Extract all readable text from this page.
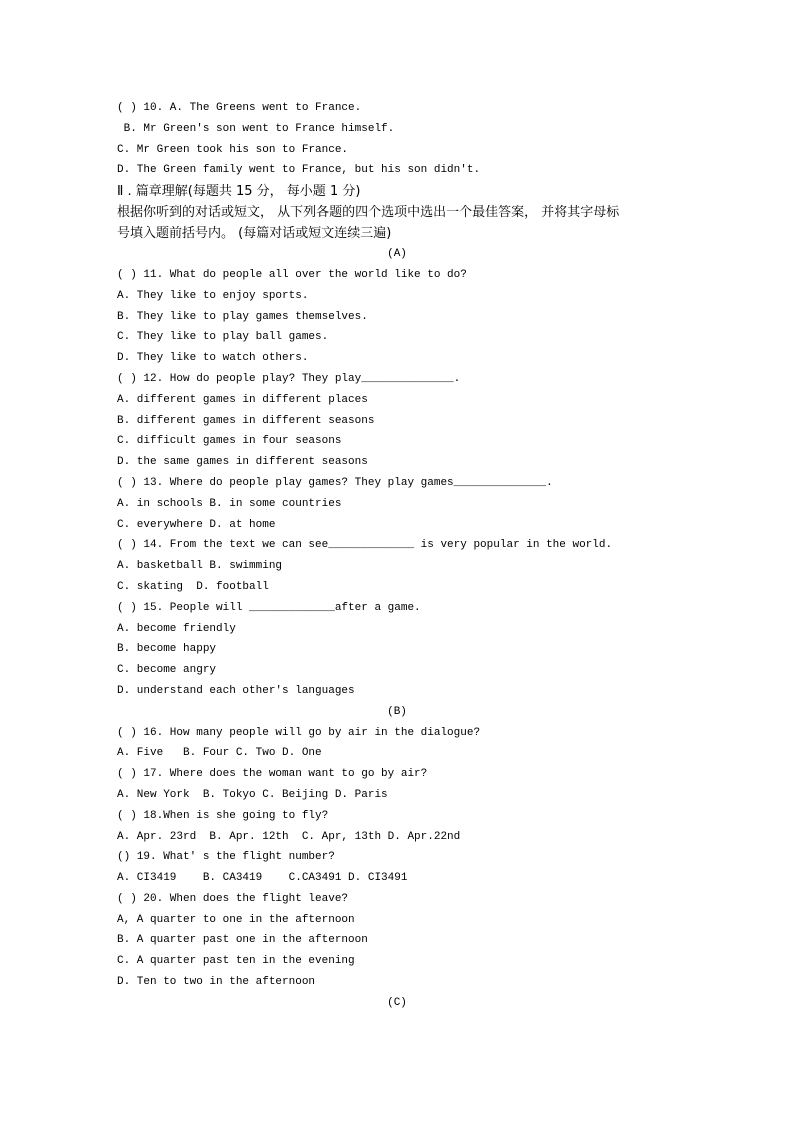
( ) 10. A. The Greens went to France.
B. Mr Green's son went to France himself.
C. Mr Green took his son to France.
D. The Green family went to France, but his son didn't.
Ⅱ . 篇章理解(每题共 15 分， 每小题 1 分)
根据你听到的对话或短文， 从下列各题的四个选项中选出一个最佳答案， 并将其字母标
号填入题前括号内。 (每篇对话或短文连续三遍)
(A)
( ) 11. What do people all over the world like to do?
A. They like to enjoy sports.
B. They like to play games themselves.
C. They like to play ball games.
D. They like to watch others.
( ) 12. How do people play? They play______________.
A. different games in different places
B. different games in different seasons
C. difficult games in four seasons
D. the same games in different seasons
( ) 13. Where do people play games? They play games______________.
A. in schools B. in some countries
C. everywhere D. at home
( ) 14. From the text we can see_____________ is very popular in the world.
A. basketball B. swimming
C. skating  D. football
( ) 15. People will _____________after a game.
A. become friendly
B. become happy
C. become angry
D. understand each other's languages
(B)
( ) 16. How many people will go by air in the dialogue?
A. Five   B. Four C. Two D. One
( ) 17. Where does the woman want to go by air?
A. New York  B. Tokyo C. Beijing D. Paris
( ) 18.When is she going to fly?
A. Apr. 23rd  B. Apr. 12th  C. Apr, 13th D. Apr.22nd
() 19. What' s the flight number?
A. CI3419    B. CA3419    C.CA3491 D. CI3491
( ) 20. When does the flight leave?
A, A quarter to one in the afternoon
B. A quarter past one in the afternoon
C. A quarter past ten in the evening
D. Ten to two in the afternoon
(C)
